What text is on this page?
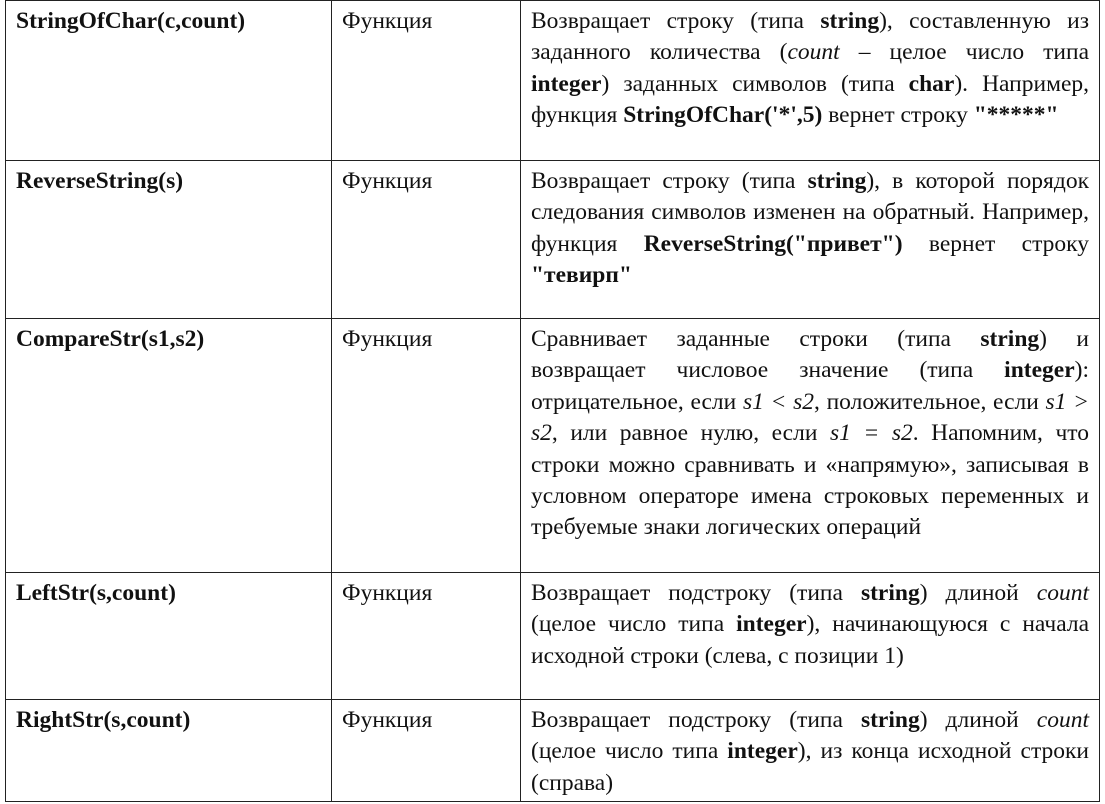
StringOfChar(c,count)	Функция	Возвращает строку (типа string), составленную из заданного количества (count – целое число типа integer) заданных символов (типа char). Например, функция StringOfChar('*',5) вернет строку "*****"
ReverseString(s)	Функция	Возвращает строку (типа string), в которой порядок следования символов изменен на обратный. Например, функция ReverseString("привет") вернет строку "тевирп"
CompareStr(s1,s2)	Функция	Сравнивает заданные строки (типа string) и возвращает числовое значение (типа integer): отрицательное, если s1 < s2, положительное, если s1 > s2, или равное нулю, если s1 = s2. Напомним, что строки можно сравнивать и «напрямую», записывая в условном операторе имена строковых переменных и требуемые знаки логических операций
LeftStr(s,count)	Функция	Возвращает подстроку (типа string) длиной count (целое число типа integer), начинающуюся с начала исходной строки (слева, с позиции 1)
RightStr(s,count)	Функция	Возвращает подстроку (типа string) длиной count (целое число типа integer), из конца исходной строки (справа)
